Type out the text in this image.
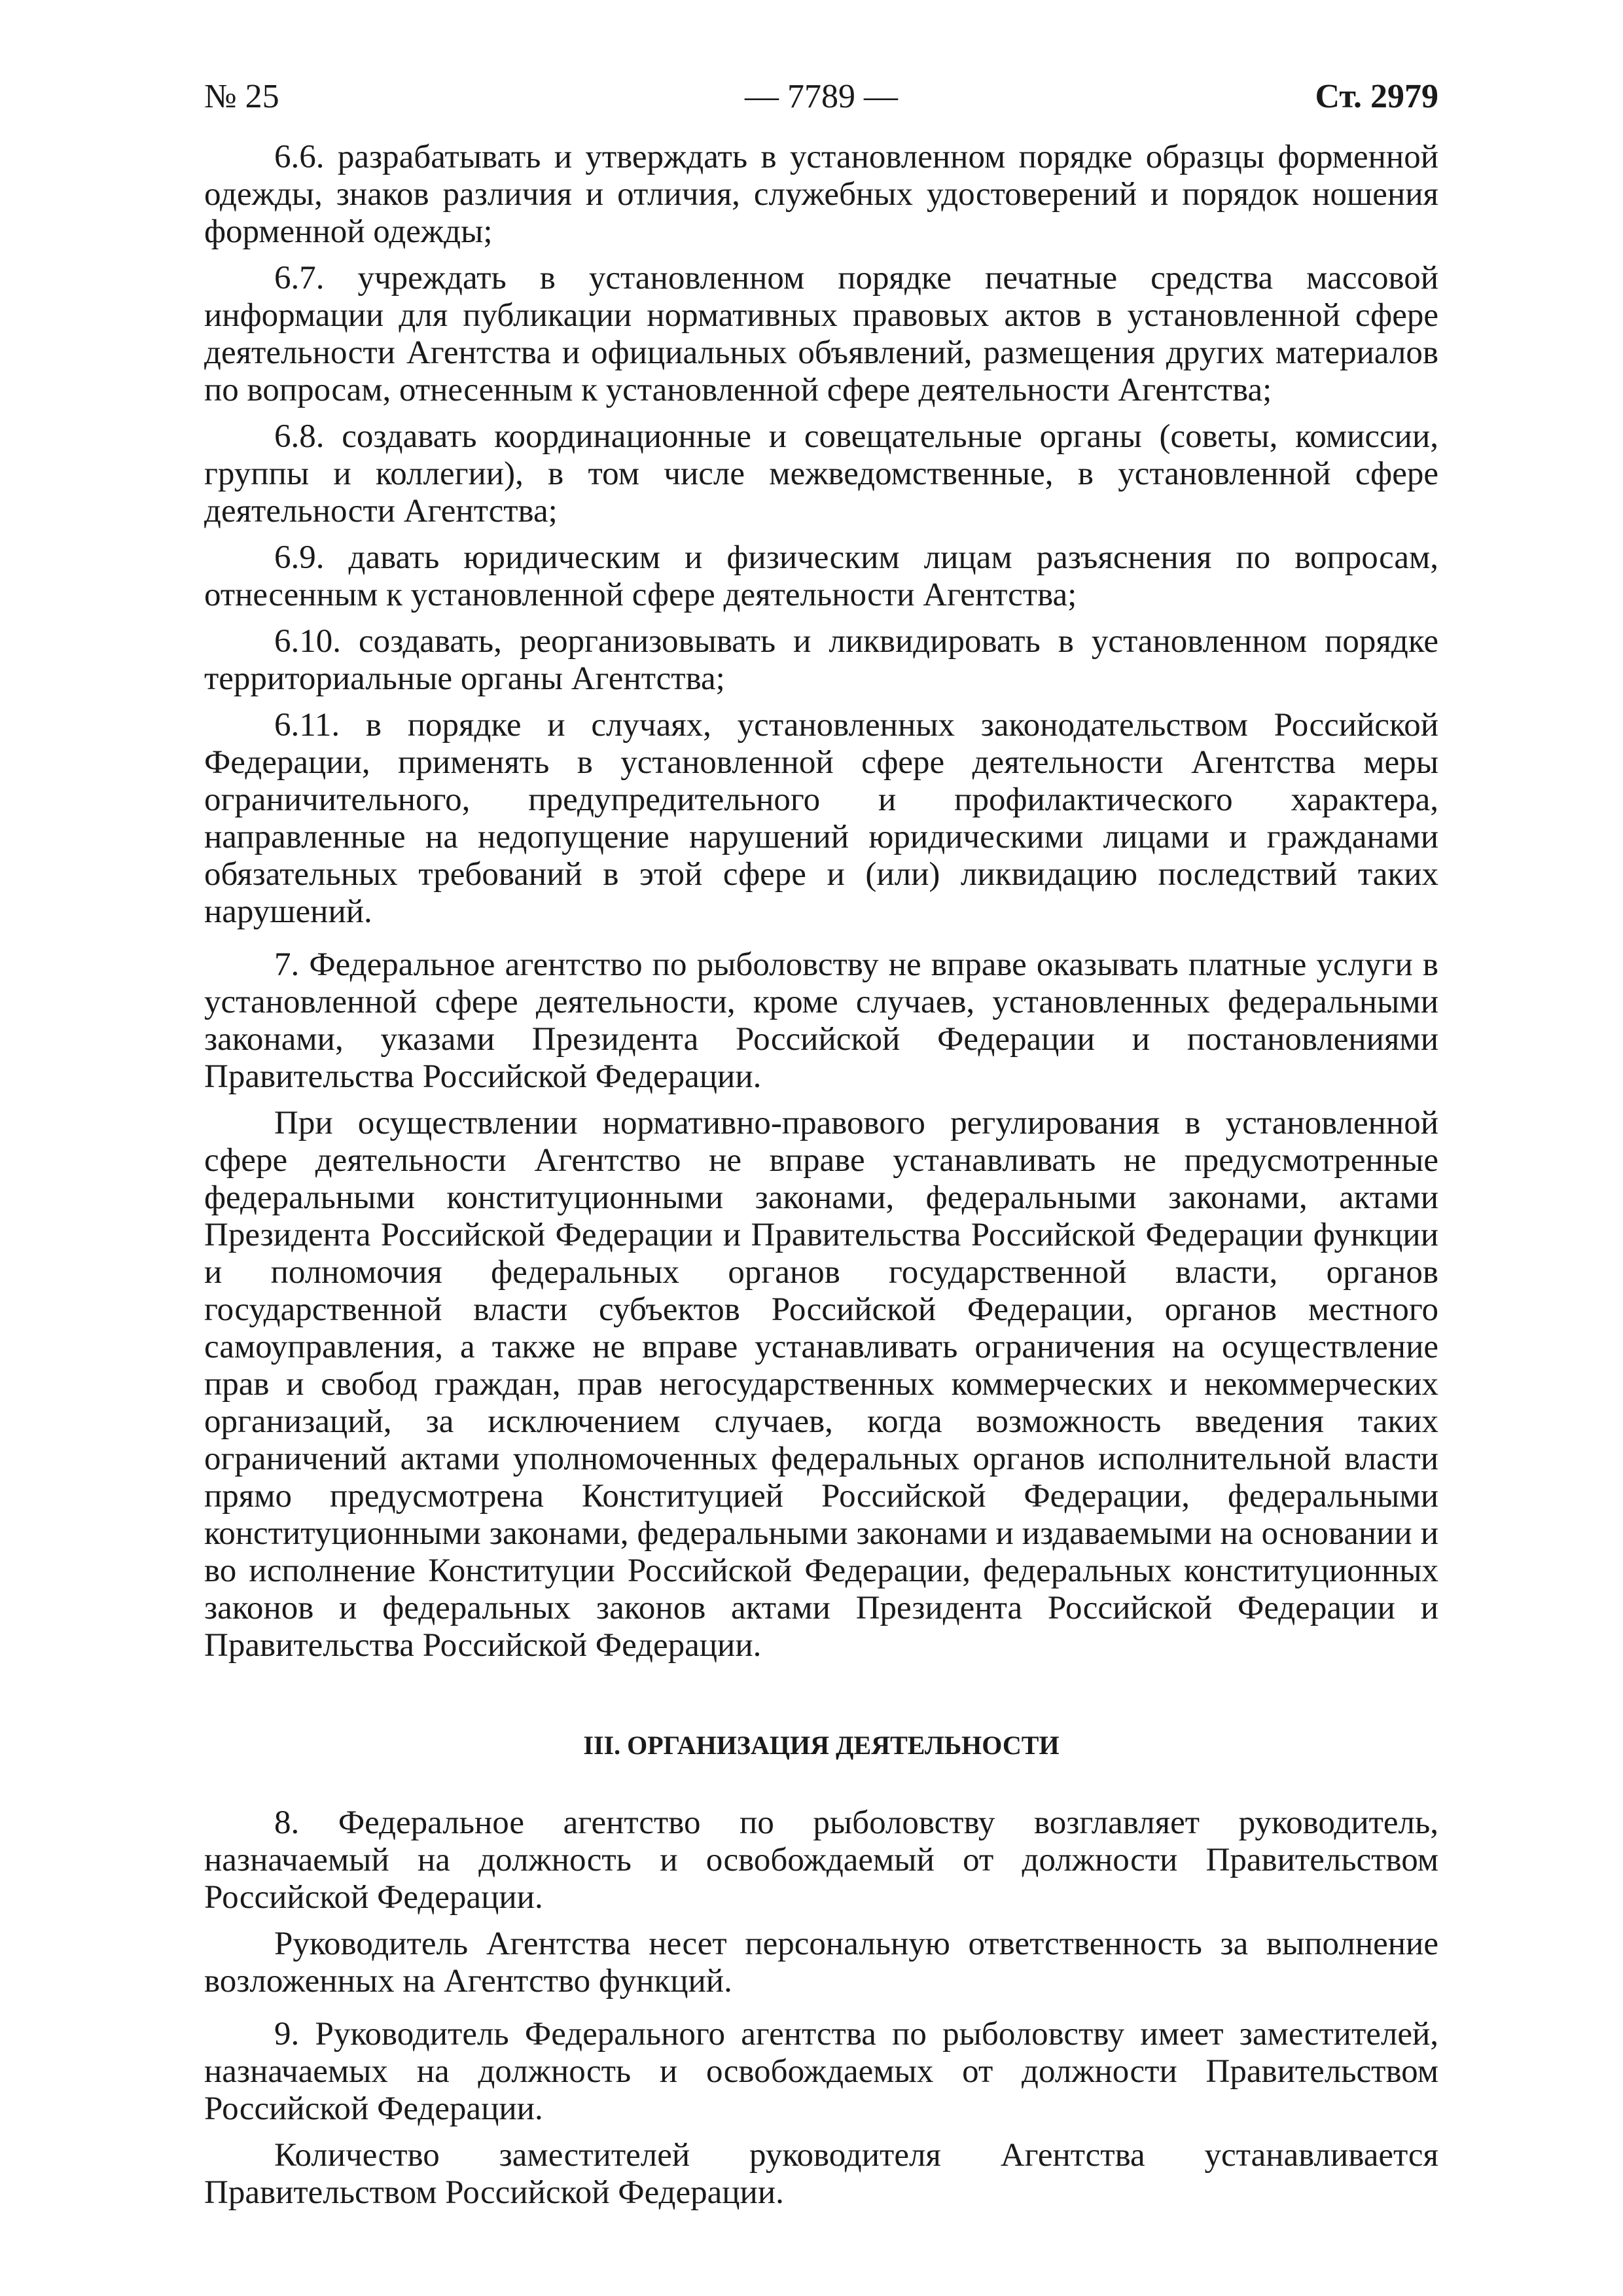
— 7789 —
№ 25	Ст. 2979

6.6. разрабатывать и утверждать в установленном порядке образцы форменной одежды, знаков различия и отличия, служебных удостоверений и порядок ношения форменной одежды;

6.7. учреждать в установленном порядке печатные средства массовой информации для публикации нормативных правовых актов в установленной сфере деятельности Агентства и официальных объявлений, размещения других материалов по вопросам, отнесенным к установленной сфере деятельности Агентства;

6.8. создавать координационные и совещательные органы (советы, комиссии, группы и коллегии), в том числе межведомственные, в установленной сфере деятельности Агентства;

6.9. давать юридическим и физическим лицам разъяснения по вопросам, отнесенным к установленной сфере деятельности Агентства;

6.10. создавать, реорганизовывать и ликвидировать в установленном порядке территориальные органы Агентства;

6.11. в порядке и случаях, установленных законодательством Российской Федерации, применять в установленной сфере деятельности Агентства меры ограничительного, предупредительного и профилактического характера, направленные на недопущение нарушений юридическими лицами и гражданами обязательных требований в этой сфере и (или) ликвидацию последствий таких нарушений.

7. Федеральное агентство по рыболовству не вправе оказывать платные услуги в установленной сфере деятельности, кроме случаев, установленных федеральными законами, указами Президента Российской Федерации и постановлениями Правительства Российской Федерации.

При осуществлении нормативно-правового регулирования в установленной сфере деятельности Агентство не вправе устанавливать не предусмотренные федеральными конституционными законами, федеральными законами, актами Президента Российской Федерации и Правительства Российской Федерации функции и полномочия федеральных органов государственной власти, органов государственной власти субъектов Российской Федерации, органов местного самоуправления, а также не вправе устанавливать ограничения на осуществление прав и свобод граждан, прав негосударственных коммерческих и некоммерческих организаций, за исключением случаев, когда возможность введения таких ограничений актами уполномоченных федеральных органов исполнительной власти прямо предусмотрена Конституцией Российской Федерации, федеральными конституционными законами, федеральными законами и издаваемыми на основании и во исполнение Конституции Российской Федерации, федеральных конституционных законов и федеральных законов актами Президента Российской Федерации и Правительства Российской Федерации.

III. ОРГАНИЗАЦИЯ ДЕЯТЕЛЬНОСТИ

8. Федеральное агентство по рыболовству возглавляет руководитель, назначаемый на должность и освобождаемый от должности Правительством Российской Федерации.

Руководитель Агентства несет персональную ответственность за выполнение возложенных на Агентство функций.

9. Руководитель Федерального агентства по рыболовству имеет заместителей, назначаемых на должность и освобождаемых от должности Правительством Российской Федерации.

Количество заместителей руководителя Агентства устанавливается Правительством Российской Федерации.
